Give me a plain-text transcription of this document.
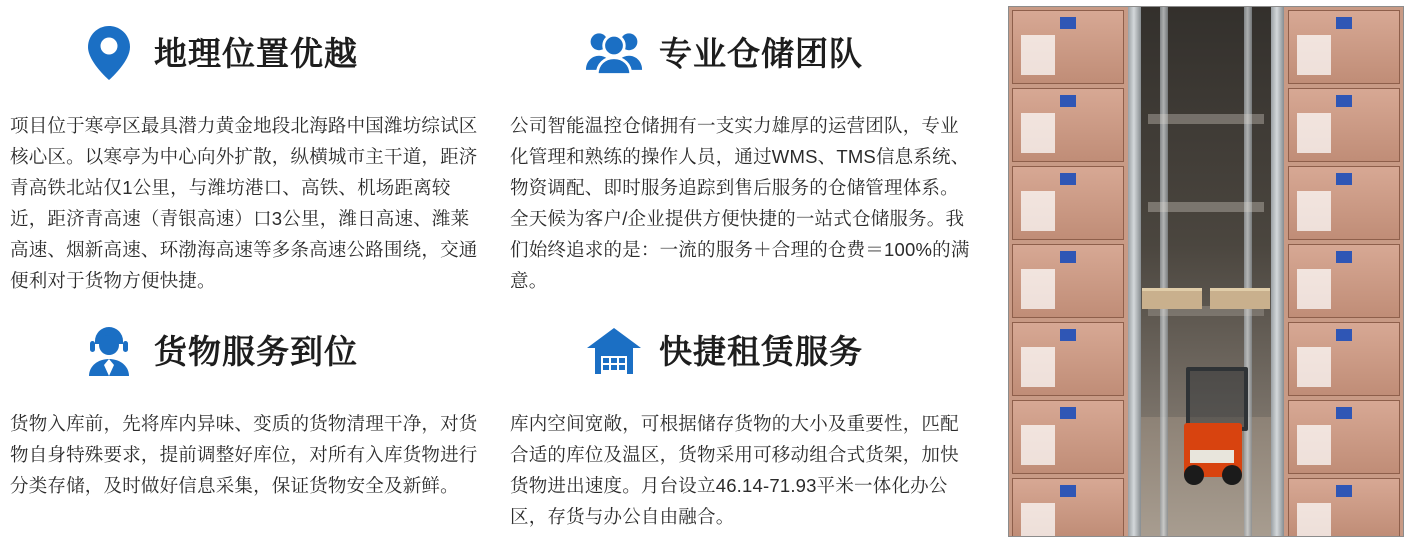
地理位置优越
项目位于寒亭区最具潜力黄金地段北海路中国潍坊综试区核心区。以寒亭为中心向外扩散，纵横城市主干道，距济青高铁北站仅1公里，与潍坊港口、高铁、机场距离较近，距济青高速（青银高速）口3公里，潍日高速、潍莱高速、烟新高速、环渤海高速等多条高速公路围绕，交通便利对于货物方便快捷。
专业仓储团队
公司智能温控仓储拥有一支实力雄厚的运营团队，专业化管理和熟练的操作人员，通过WMS、TMS信息系统、物资调配、即时服务追踪到售后服务的仓储管理体系。全天候为客户/企业提供方便快捷的一站式仓储服务。我们始终追求的是：一流的服务＋合理的仓费＝100%的满意。
货物服务到位
货物入库前，先将库内异味、变质的货物清理干净，对货物自身特殊要求，提前调整好库位，对所有入库货物进行分类存储，及时做好信息采集，保证货物安全及新鲜。
快捷租赁服务
库内空间宽敞，可根据储存货物的大小及重要性，匹配合适的库位及温区，货物采用可移动组合式货架，加快货物进出速度。月台设立46.14-71.93平米一体化办公区，存货与办公自由融合。
